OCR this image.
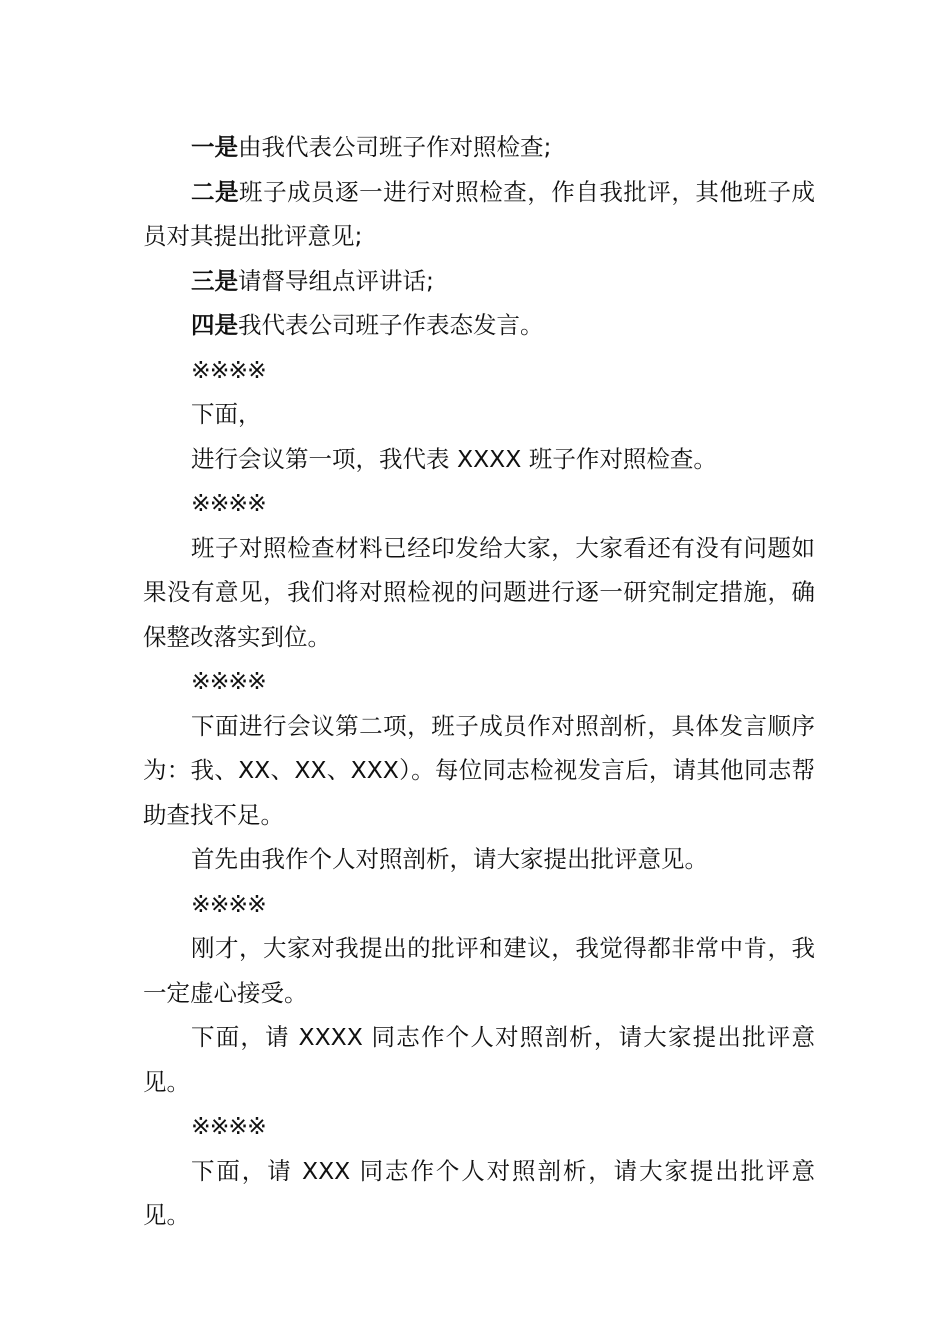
一是由我代表公司班子作对照检查;

二是班子成员逐一进行对照检查，作自我批评，其他班子成员对其提出批评意见;

三是请督导组点评讲话;

四是我代表公司班子作表态发言。

※※※※

下面，

进行会议第一项，我代表 XXXX 班子作对照检查。

※※※※

班子对照检查材料已经印发给大家，大家看还有没有问题如果没有意见，我们将对照检视的问题进行逐一研究制定措施，确保整改落实到位。

※※※※

下面进行会议第二项，班子成员作对照剖析，具体发言顺序为：我、XX、XX、XXX）。每位同志检视发言后，请其他同志帮助查找不足。

首先由我作个人对照剖析，请大家提出批评意见。

※※※※

刚才，大家对我提出的批评和建议，我觉得都非常中肯，我一定虚心接受。

下面，请 XXXX 同志作个人对照剖析，请大家提出批评意见。

※※※※

下面，请 XXX 同志作个人对照剖析，请大家提出批评意见。
